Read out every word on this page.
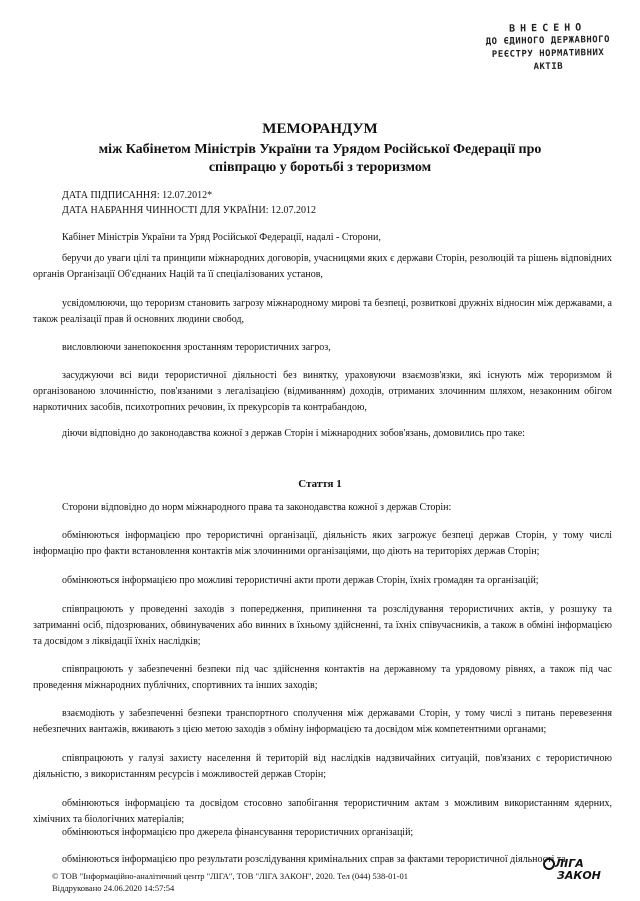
ВНЕСЕНО
ДО ЄДИНОГО ДЕРЖАВНОГО
РЕЄСТРУ НОРМАТИВНИХ
АКТІВ
МЕМОРАНДУМ
між Кабінетом Міністрів України та Урядом Російської Федерації про співпрацю у боротьбі з тероризмом
ДАТА ПІДПИСАННЯ: 12.07.2012*
ДАТА НАБРАННЯ ЧИННОСТІ ДЛЯ УКРАЇНИ: 12.07.2012
Кабінет Міністрів України та Уряд Російської Федерації, надалі - Сторони,
беручи до уваги цілі та принципи міжнародних договорів, учасницями яких є держави Сторін, резолюцій та рішень відповідних органів Організації Об'єднаних Націй та її спеціалізованих установ,
усвідомлюючи, що тероризм становить загрозу міжнародному мирові та безпеці, розвиткові дружніх відносин між державами, а також реалізації прав й основних людини свобод,
висловлюючи занепокоєння зростанням терористичних загроз,
засуджуючи всі види терористичної діяльності без винятку, ураховуючи взаємозв'язки, які існують між тероризмом й організованою злочинністю, пов'язаними з легалізацією (відмиванням) доходів, отриманих злочинним шляхом, незаконним обігом наркотичних засобів, психотропних речовин, їх прекурсорів та контрабандою,
діючи відповідно до законодавства кожної з держав Сторін і міжнародних зобов'язань, домовились про таке:
Стаття 1
Сторони відповідно до норм міжнародного права та законодавства кожної з держав Сторін:
обмінюються інформацією про терористичні організації, діяльність яких загрожує безпеці держав Сторін, у тому числі інформацію про факти встановлення контактів між злочинними організаціями, що діють на територіях держав Сторін;
обмінюються інформацією про можливі терористичні акти проти держав Сторін, їхніх громадян та організацій;
співпрацюють у проведенні заходів з попередження, припинення та розслідування терористичних актів, у розшуку та затриманні осіб, підозрюваних, обвинувачених або винних в їхньому здійсненні, та їхніх співучасників, а також в обміні інформацією та досвідом з ліквідації їхніх наслідків;
співпрацюють у забезпеченні безпеки під час здійснення контактів на державному та урядовому рівнях, а також під час проведення міжнародних публічних, спортивних та інших заходів;
взаємодіють у забезпеченні безпеки транспортного сполучення між державами Сторін, у тому числі з питань перевезення небезпечних вантажів, вживають з цією метою заходів з обміну інформацією та досвідом між компетентними органами;
співпрацюють у галузі захисту населення й територій від наслідків надзвичайних ситуацій, пов'язаних с терористичною діяльністю, з використанням ресурсів і можливостей держав Сторін;
обмінюються інформацією та досвідом стосовно запобігання терористичним актам з можливим використанням ядерних, хімічних та біологічних матеріалів;
обмінюються інформацією про джерела фінансування терористичних організацій;
обмінюються інформацією про результати розслідування кримінальних справ за фактами терористичної діяльності та
© ТОВ "Інформаційно-аналітичний центр "ЛІГА", ТОВ "ЛІГА ЗАКОН", 2020. Тел (044) 538-01-01
Віддруковано 24.06.2020 14:57:54
ЛІГА
ЗАКОН
